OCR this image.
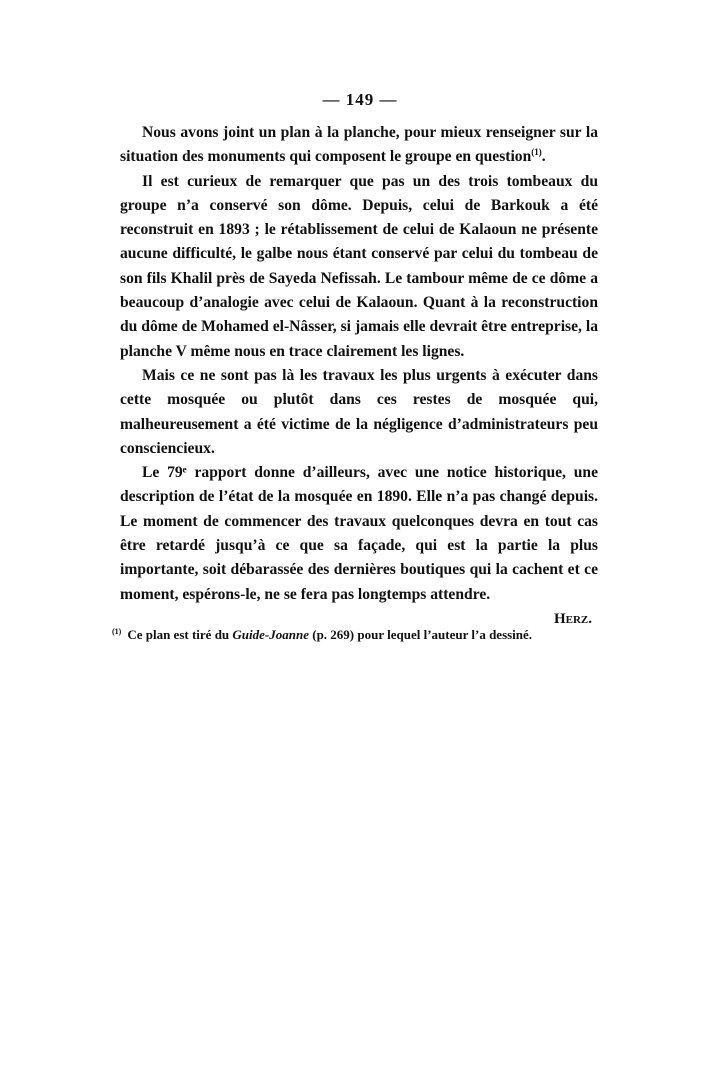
— 149 —

Nous avons joint un plan à la planche, pour mieux renseigner sur la situation des monuments qui composent le groupe en question$^{(1)}$.

Il est curieux de remarquer que pas un des trois tombeaux du groupe n’a conservé son dôme. Depuis, celui de Barkouk a été reconstruit en 1893 ; le rétablissement de celui de Kalaoun ne présente aucune difficulté, le galbe nous étant conservé par celui du tombeau de son fils Khalil près de Sayeda Nefissah. Le tambour même de ce dôme a beaucoup d’analogie avec celui de Kalaoun. Quant à la reconstruction du dôme de Mohamed el-Nâsser, si jamais elle devrait être entreprise, la planche V même nous en trace clairement les lignes.

Mais ce ne sont pas là les travaux les plus urgents à exécuter dans cette mosquée ou plutôt dans ces restes de mosquée qui, malheureusement a été victime de la négligence d’administrateurs peu consciencieux.

Le 79ᵉ rapport donne d’ailleurs, avec une notice historique, une description de l’état de la mosquée en 1890. Elle n’a pas changé depuis. Le moment de commencer des travaux quelconques devra en tout cas être retardé jusqu’à ce que sa façade, qui est la partie la plus importante, soit débarassée des dernières boutiques qui la cachent et ce moment, espérons-le, ne se fera pas longtemps attendre.

Herz.

$^{(1)}$ Ce plan est tiré du Guide-Joanne (p. 269) pour lequel l’auteur l’a dessiné.
